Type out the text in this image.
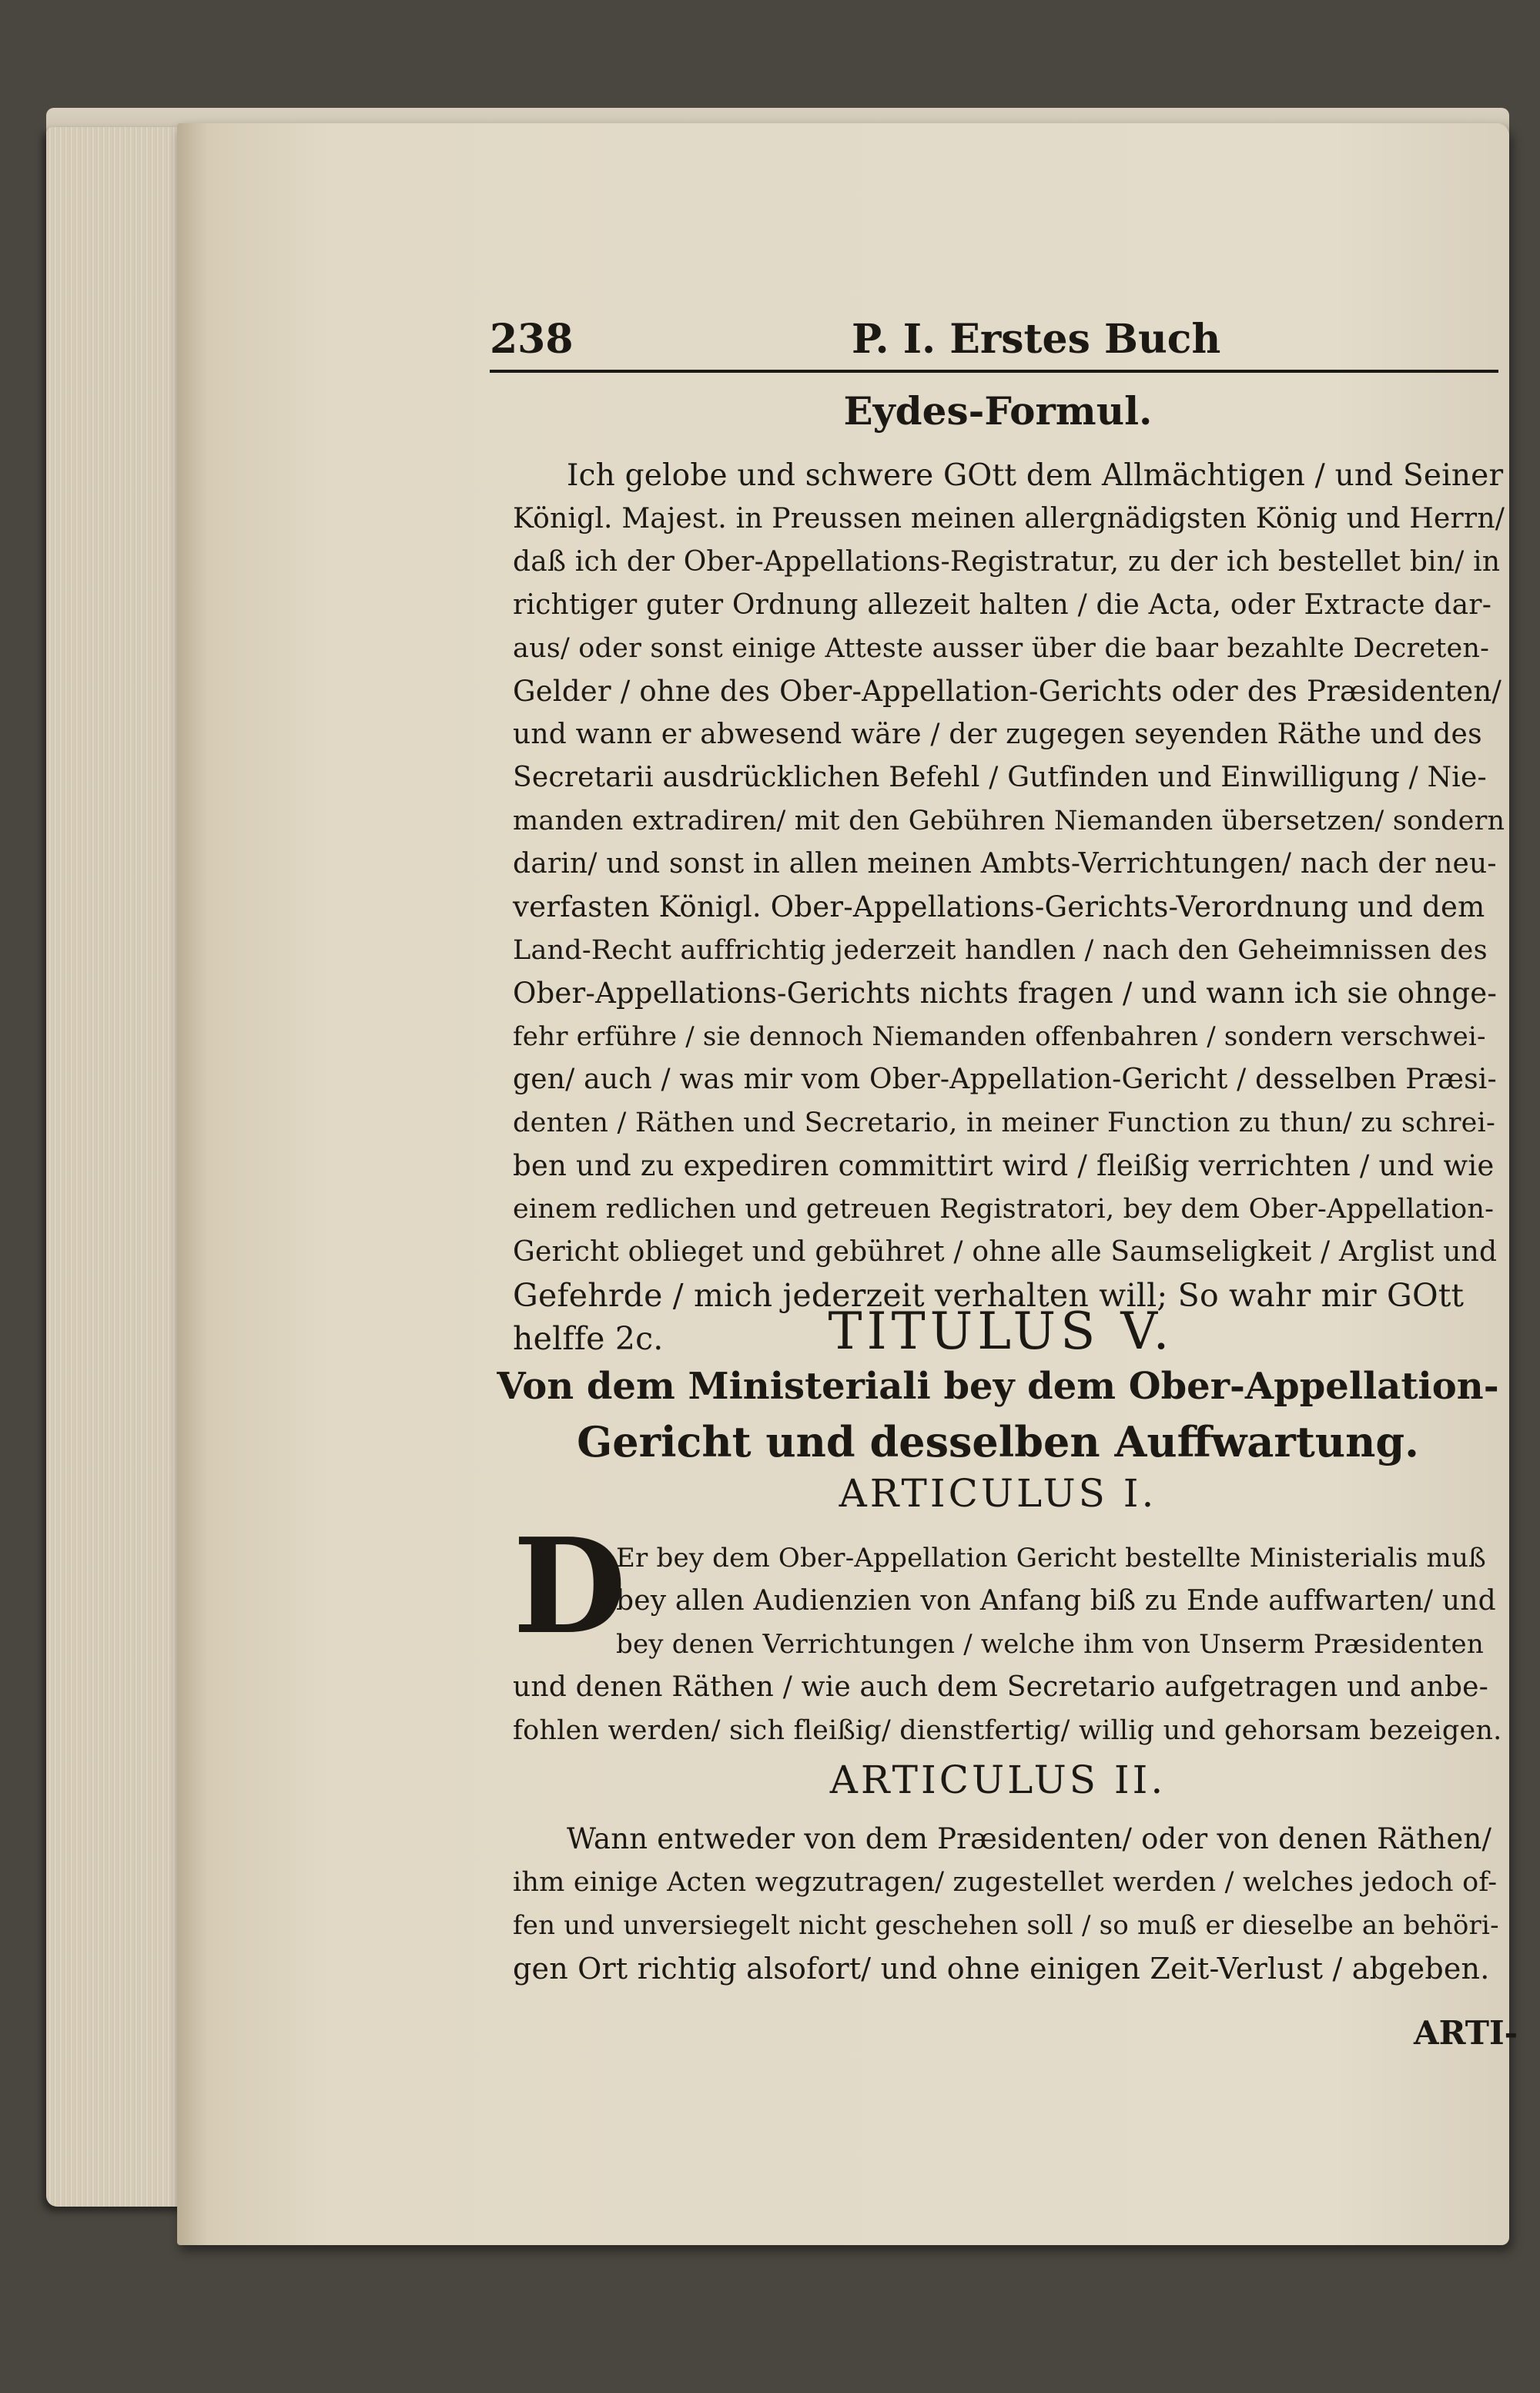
238	P. I. Erstes Buch
Eydes-Formul.
Ich gelobe und schwere GOtt dem Allmächtigen / und Seiner
Königl. Majest. in Preussen meinen allergnädigsten König und Herrn/
daß ich der Ober-Appellations-Registratur, zu der ich bestellet bin/ in
richtiger guter Ordnung allezeit halten / die Acta, oder Extracte dar-
aus/ oder sonst einige Atteste ausser über die baar bezahlte Decreten-
Gelder / ohne des Ober-Appellation-Gerichts oder des Præsidenten/
und wann er abwesend wäre / der zugegen seyenden Räthe und des
Secretarii ausdrücklichen Befehl / Gutfinden und Einwilligung / Nie-
manden extradiren/ mit den Gebühren Niemanden übersetzen/ sondern
darin/ und sonst in allen meinen Ambts-Verrichtungen/ nach der neu-
verfasten Königl. Ober-Appellations-Gerichts-Verordnung und dem
Land-Recht auffrichtig jederzeit handlen / nach den Geheimnissen des
Ober-Appellations-Gerichts nichts fragen / und wann ich sie ohnge-
fehr erführe / sie dennoch Niemanden offenbahren / sondern verschwei-
gen/ auch / was mir vom Ober-Appellation-Gericht / desselben Præsi-
denten / Räthen und Secretario, in meiner Function zu thun/ zu schrei-
ben und zu expediren committirt wird / fleißig verrichten / und wie
einem redlichen und getreuen Registratori, bey dem Ober-Appellation-
Gericht oblieget und gebühret / ohne alle Saumseligkeit / Arglist und
Gefehrde / mich jederzeit verhalten will; So wahr mir GOtt
helffe 2c.	TITULUS V.
Von dem Ministeriali bey dem Ober-Appellation-
Gericht und desselben Auffwartung.
ARTICULUS I.
D
Er bey dem Ober-Appellation Gericht bestellte Ministerialis muß
bey allen Audienzien von Anfang biß zu Ende auffwarten/ und
bey denen Verrichtungen / welche ihm von Unserm Præsidenten
und denen Räthen / wie auch dem Secretario aufgetragen und anbe-
fohlen werden/ sich fleißig/ dienstfertig/ willig und gehorsam bezeigen.
ARTICULUS II.
Wann entweder von dem Præsidenten/ oder von denen Räthen/
ihm einige Acten wegzutragen/ zugestellet werden / welches jedoch of-
fen und unversiegelt nicht geschehen soll / so muß er dieselbe an behöri-
gen Ort richtig alsofort/ und ohne einigen Zeit-Verlust / abgeben.
ARTI-
